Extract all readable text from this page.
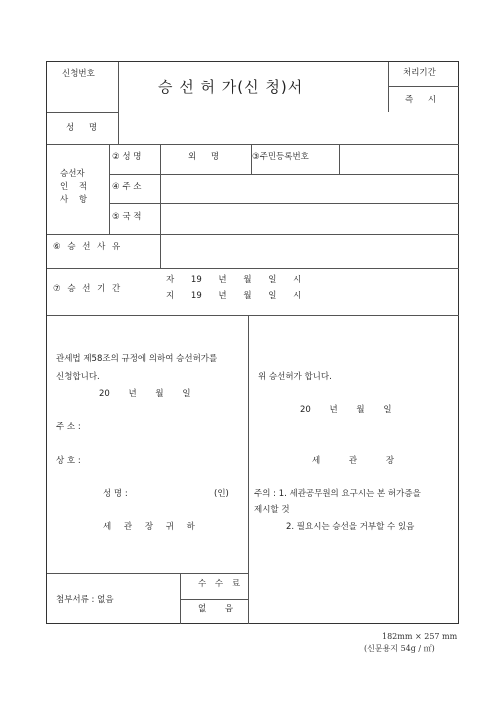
신청번호
승 선 허 가(신 청)서
처리기간
즉 시
성 명
승선자
인 적
사 항
② 성 명	외 명	③주민등록번호
④ 주 소
⑤ 국 적
⑥ 승 선 사 유
⑦ 승 선 기 간
자 19 년 월 일 시
지 19 년 월 일 시
관세법 제58조의 규정에 의하여 승선허가를
신청합니다.
20 년 월 일
주 소 :
상 호 :
성 명 :	(인)
세 관 장 귀 하
위 승선허가 합니다.
20 년 월 일
세 관 장
주의 : 1. 세관공무원의 요구시는 본 허가증을
제시할 것
2. 필요시는 승선을 거부할 수 있음
첨부서류 : 없음
수 수 료
없 음
182mm × 257 mm
(신문용지 54g / ㎡)
